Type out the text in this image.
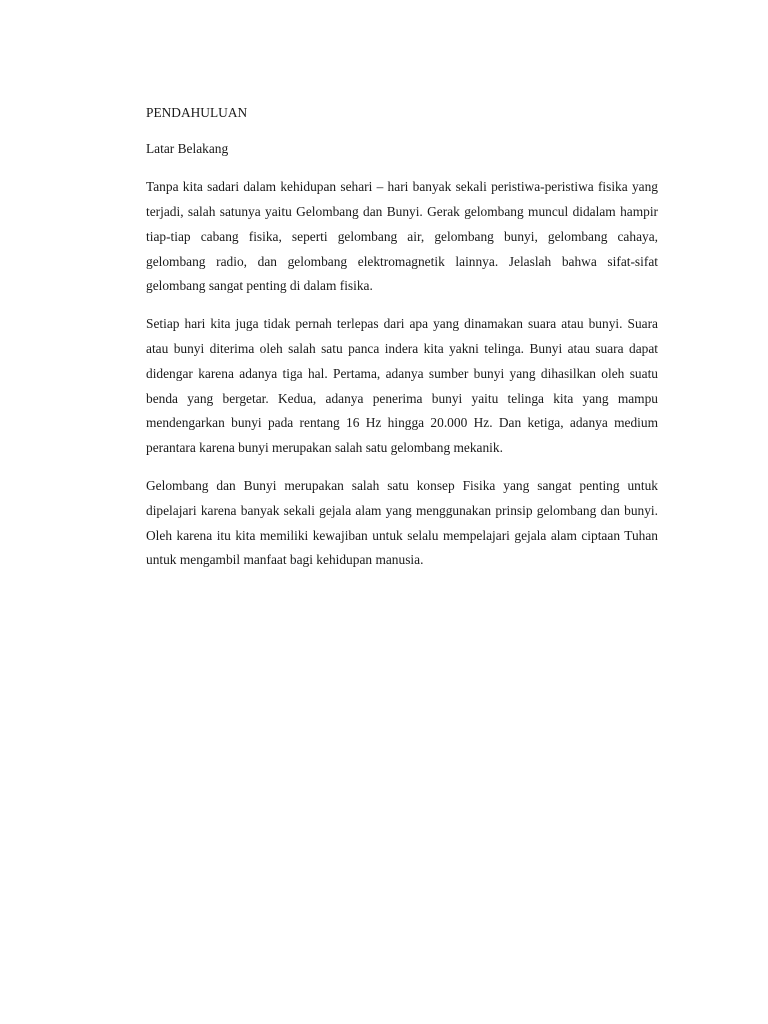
PENDAHULUAN
Latar Belakang

Tanpa kita sadari dalam kehidupan sehari – hari banyak sekali peristiwa-peristiwa fisika yang terjadi, salah satunya yaitu Gelombang dan Bunyi. Gerak gelombang muncul didalam hampir tiap-tiap cabang fisika, seperti gelombang air, gelombang bunyi, gelombang cahaya, gelombang radio, dan gelombang elektromagnetik lainnya. Jelaslah bahwa sifat-sifat gelombang sangat penting di dalam fisika.

Setiap hari kita juga tidak pernah terlepas dari apa yang dinamakan suara atau bunyi. Suara atau bunyi diterima oleh salah satu panca indera kita yakni telinga. Bunyi atau suara dapat didengar karena adanya tiga hal. Pertama, adanya sumber bunyi yang dihasilkan oleh suatu benda yang bergetar. Kedua, adanya penerima bunyi yaitu telinga kita yang mampu mendengarkan bunyi pada rentang 16 Hz hingga 20.000 Hz. Dan ketiga, adanya medium perantara karena bunyi merupakan salah satu gelombang mekanik.

Gelombang dan Bunyi merupakan salah satu konsep Fisika yang sangat penting untuk dipelajari karena banyak sekali gejala alam yang menggunakan prinsip gelombang dan bunyi. Oleh karena itu kita memiliki kewajiban untuk selalu mempelajari gejala alam ciptaan Tuhan untuk mengambil manfaat bagi kehidupan manusia.
